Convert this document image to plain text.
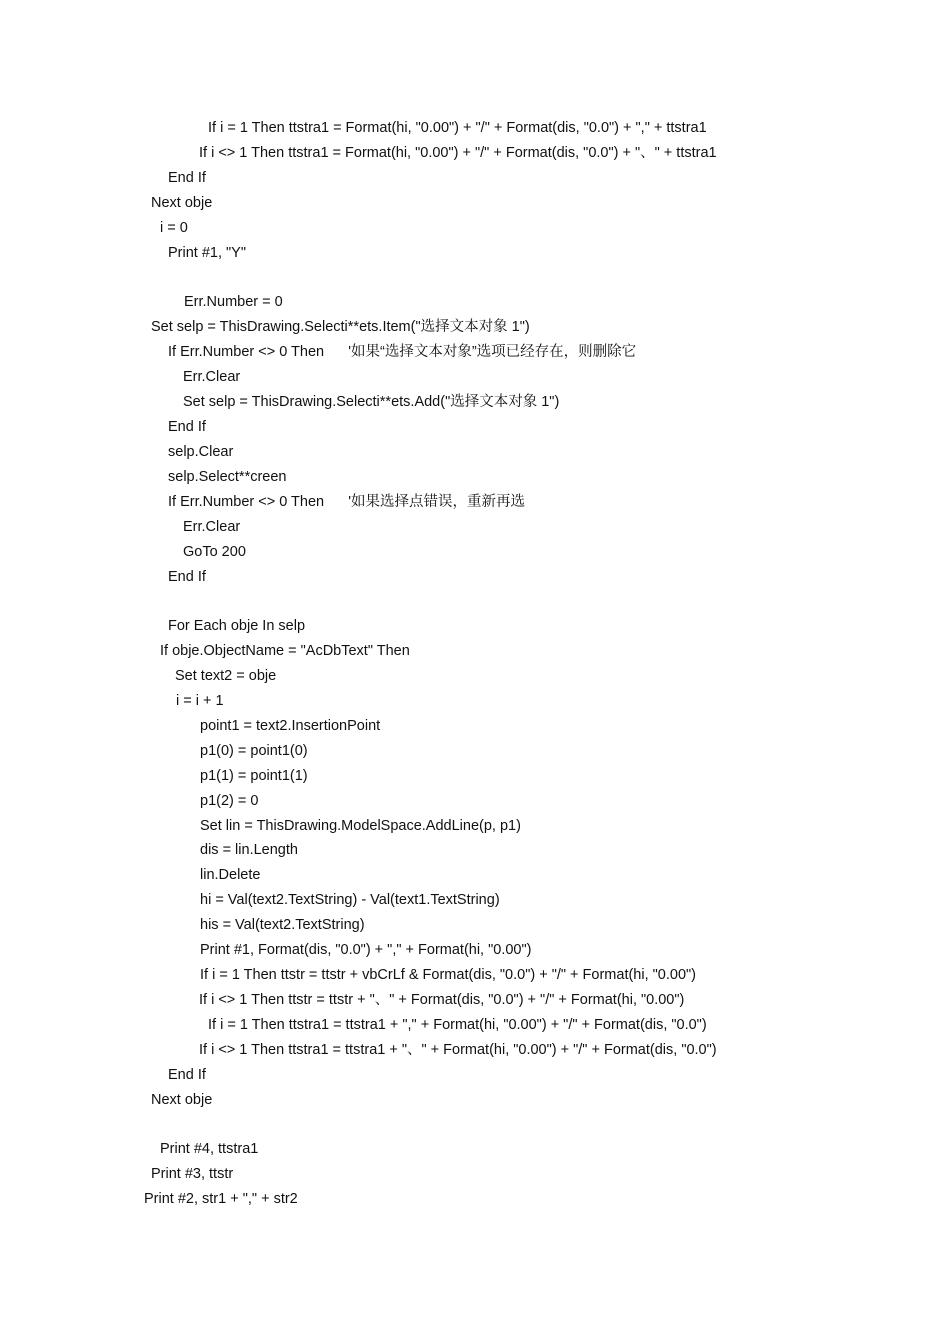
If i = 1 Then ttstra1 = Format(hi, "0.00") + "/" + Format(dis, "0.0") + "," + ttstra1
If i <> 1 Then ttstra1 = Format(hi, "0.00") + "/" + Format(dis, "0.0") + "、" + ttstra1
End If
Next obje
i = 0
Print #1, "Y"
Err.Number = 0
Set selp = ThisDrawing.Selecti**ets.Item("选择文本对象 1")
If Err.Number <> 0 Then      '如果“选择文本对象”选项已经存在，则删除它
Err.Clear
Set selp = ThisDrawing.Selecti**ets.Add("选择文本对象 1")
End If
selp.Clear
selp.Select**creen
If Err.Number <> 0 Then      '如果选择点错误，重新再选
Err.Clear
GoTo 200
End If
For Each obje In selp
If obje.ObjectName = "AcDbText" Then
Set text2 = obje
i = i + 1
point1 = text2.InsertionPoint
p1(0) = point1(0)
p1(1) = point1(1)
p1(2) = 0
Set lin = ThisDrawing.ModelSpace.AddLine(p, p1)
dis = lin.Length
lin.Delete
hi = Val(text2.TextString) - Val(text1.TextString)
his = Val(text2.TextString)
Print #1, Format(dis, "0.0") + "," + Format(hi, "0.00")
If i = 1 Then ttstr = ttstr + vbCrLf & Format(dis, "0.0") + "/" + Format(hi, "0.00")
If i <> 1 Then ttstr = ttstr + "、" + Format(dis, "0.0") + "/" + Format(hi, "0.00")
If i = 1 Then ttstra1 = ttstra1 + "," + Format(hi, "0.00") + "/" + Format(dis, "0.0")
If i <> 1 Then ttstra1 = ttstra1 + "、" + Format(hi, "0.00") + "/" + Format(dis, "0.0")
End If
Next obje
Print #4, ttstra1
Print #3, ttstr
Print #2, str1 + "," + str2
